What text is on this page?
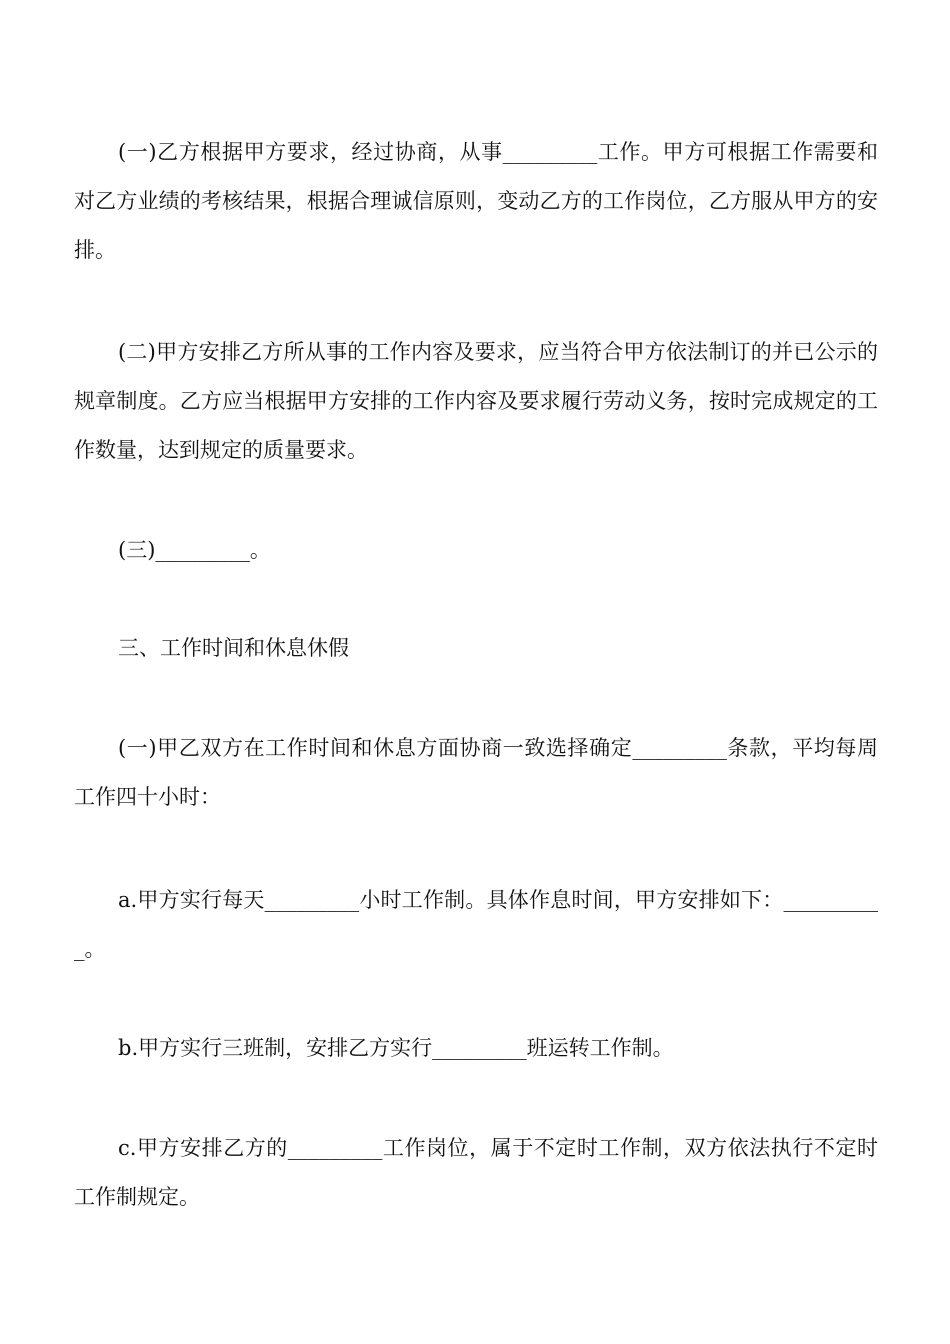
(一)乙方根据甲方要求，经过协商，从事_________工作。甲方可根据工作需要和对乙方业绩的考核结果，根据合理诚信原则，变动乙方的工作岗位，乙方服从甲方的安排。

(二)甲方安排乙方所从事的工作内容及要求，应当符合甲方依法制订的并已公示的规章制度。乙方应当根据甲方安排的工作内容及要求履行劳动义务，按时完成规定的工作数量，达到规定的质量要求。

(三)_________。

三、工作时间和休息休假

(一)甲乙双方在工作时间和休息方面协商一致选择确定_________条款，平均每周工作四十小时：

a.甲方实行每天_________小时工作制。具体作息时间，甲方安排如下：__________。

b.甲方实行三班制，安排乙方实行_________班运转工作制。

c.甲方安排乙方的_________工作岗位，属于不定时工作制，双方依法执行不定时工作制规定。
